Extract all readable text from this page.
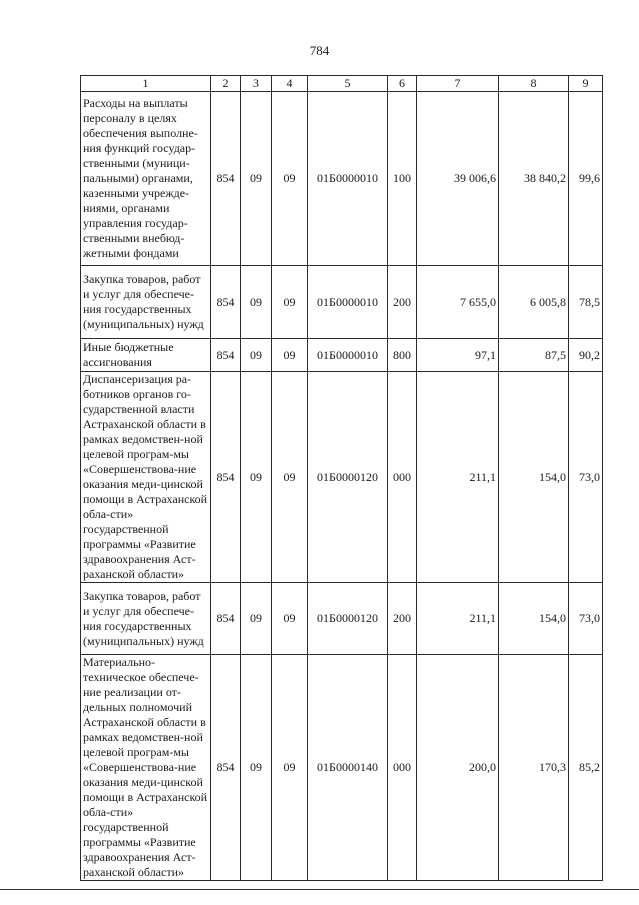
784
1	2	3	4	5	6	7	8	9
Расходы на выплаты персоналу в целях обеспечения выполне-ния функций государ-ственными (муници-пальными) органами, казенными учрежде-ниями, органами управления государ-ственными внебюд-жетными фондами	854	09	09	01Б0000010	100	39 006,6	38 840,2	99,6
Закупка товаров, работ и услуг для обеспече-ния государственных (муниципальных) нужд	854	09	09	01Б0000010	200	7 655,0	6 005,8	78,5
Иные бюджетные ассигнования	854	09	09	01Б0000010	800	97,1	87,5	90,2
Диспансеризация ра-ботников органов го-сударственной власти Астраханской области в рамках ведомствен-ной целевой програм-мы «Совершенствова-ние оказания меди-цинской помощи в Астраханской обла-сти» государственной программы «Развитие здравоохранения Аст-раханской области»	854	09	09	01Б0000120	000	211,1	154,0	73,0
Закупка товаров, работ и услуг для обеспече-ния государственных (муниципальных) нужд	854	09	09	01Б0000120	200	211,1	154,0	73,0
Материально-техническое обеспече-ние реализации от-дельных полномочий Астраханской области в рамках ведомствен-ной целевой програм-мы «Совершенствова-ние оказания меди-цинской помощи в Астраханской обла-сти» государственной программы «Развитие здравоохранения Аст-раханской области»	854	09	09	01Б0000140	000	200,0	170,3	85,2
